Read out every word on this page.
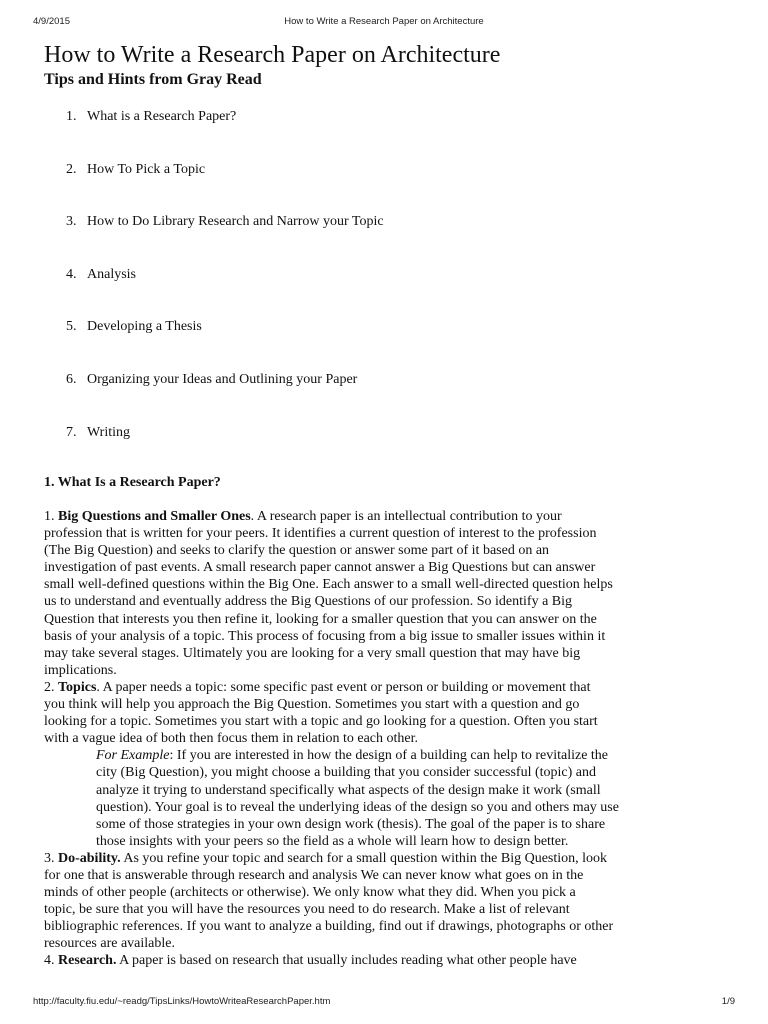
4/9/2015	How to Write a Research Paper on Architecture
How to Write a Research Paper on Architecture
Tips and Hints from Gray Read
1. What is a Research Paper?
2. How To Pick a Topic
3. How to Do Library Research and Narrow your Topic
4. Analysis
5. Developing a Thesis
6. Organizing your Ideas and Outlining your Paper
7. Writing
1. What Is a Research Paper?
1. Big Questions and Smaller Ones. A research paper is an intellectual contribution to your
profession that is written for your peers. It identifies a current question of interest to the profession
(The Big Question) and seeks to clarify the question or answer some part of it based on an
investigation of past events. A small research paper cannot answer a Big Questions but can answer
small well-defined questions within the Big One. Each answer to a small well-directed question helps
us to understand and eventually address the Big Questions of our profession. So identify a Big
Question that interests you then refine it, looking for a smaller question that you can answer on the
basis of your analysis of a topic. This process of focusing from a big issue to smaller issues within it
may take several stages. Ultimately you are looking for a very small question that may have big
implications.
2. Topics. A paper needs a topic: some specific past event or person or building or movement that
you think will help you approach the Big Question. Sometimes you start with a question and go
looking for a topic. Sometimes you start with a topic and go looking for a question. Often you start
with a vague idea of both then focus them in relation to each other.
For Example: If you are interested in how the design of a building can help to revitalize the
city (Big Question), you might choose a building that you consider successful (topic) and
analyze it trying to understand specifically what aspects of the design make it work (small
question). Your goal is to reveal the underlying ideas of the design so you and others may use
some of those strategies in your own design work (thesis). The goal of the paper is to share
those insights with your peers so the field as a whole will learn how to design better.
3. Do-ability. As you refine your topic and search for a small question within the Big Question, look
for one that is answerable through research and analysis We can never know what goes on in the
minds of other people (architects or otherwise). We only know what they did. When you pick a
topic, be sure that you will have the resources you need to do research. Make a list of relevant
bibliographic references. If you want to analyze a building, find out if drawings, photographs or other
resources are available.
4. Research. A paper is based on research that usually includes reading what other people have
http://faculty.fiu.edu/~readg/TipsLinks/HowtoWriteaResearchPaper.htm	1/9
